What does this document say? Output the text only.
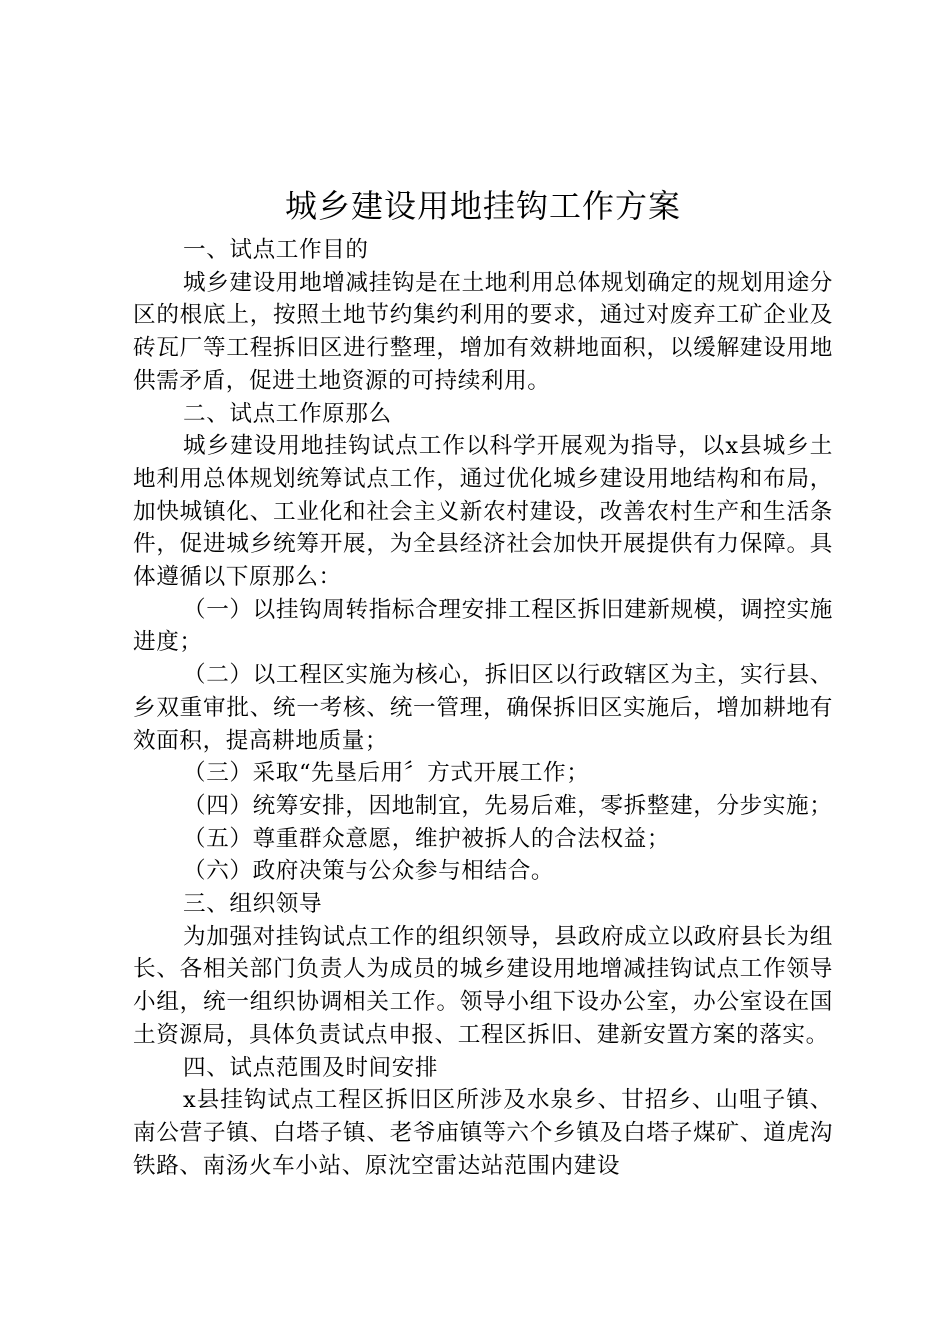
城乡建设用地挂钩工作方案
一、试点工作目的

城乡建设用地增减挂钩是在土地利用总体规划确定的规划用途分区的根底上，按照土地节约集约利用的要求，通过对废弃工矿企业及砖瓦厂等工程拆旧区进行整理，增加有效耕地面积，以缓解建设用地供需矛盾，促进土地资源的可持续利用。

二、试点工作原那么

城乡建设用地挂钩试点工作以科学开展观为指导，以x县城乡土地利用总体规划统筹试点工作，通过优化城乡建设用地结构和布局，加快城镇化、工业化和社会主义新农村建设，改善农村生产和生活条件，促进城乡统筹开展，为全县经济社会加快开展提供有力保障。具体遵循以下原那么：

（一）以挂钩周转指标合理安排工程区拆旧建新规模，调控实施进度；

（二）以工程区实施为核心，拆旧区以行政辖区为主，实行县、乡双重审批、统一考核、统一管理，确保拆旧区实施后，增加耕地有效面积，提高耕地质量；

（三）采取“先垦后用〞方式开展工作；

（四）统筹安排，因地制宜，先易后难，零拆整建，分步实施；

（五）尊重群众意愿，维护被拆人的合法权益；

（六）政府决策与公众参与相结合。

三、组织领导

为加强对挂钩试点工作的组织领导，县政府成立以政府县长为组长、各相关部门负责人为成员的城乡建设用地增减挂钩试点工作领导小组，统一组织协调相关工作。领导小组下设办公室，办公室设在国土资源局，具体负责试点申报、工程区拆旧、建新安置方案的落实。

四、试点范围及时间安排

x县挂钩试点工程区拆旧区所涉及水泉乡、甘招乡、山咀子镇、南公营子镇、白塔子镇、老爷庙镇等六个乡镇及白塔子煤矿、道虎沟铁路、南汤火车小站、原沈空雷达站范围内建设
